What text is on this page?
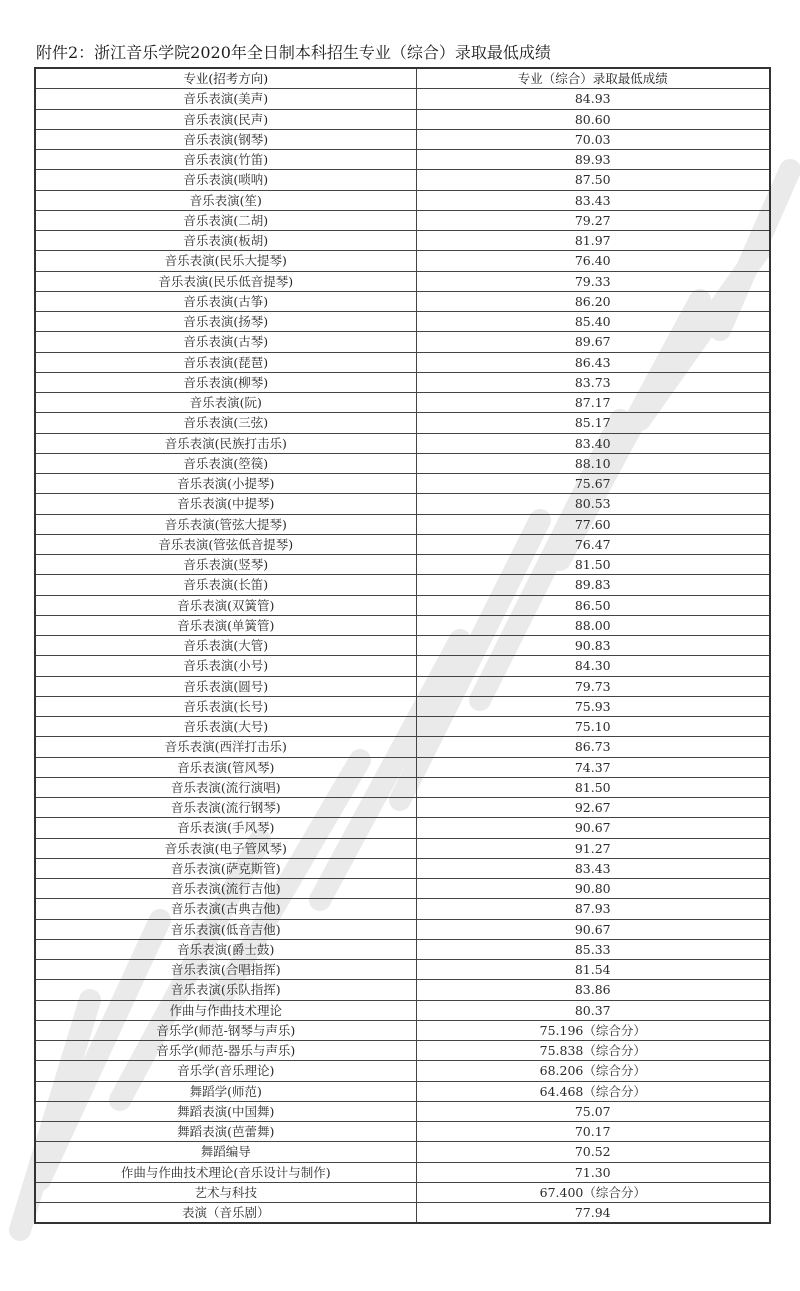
附件2：浙江音乐学院2020年全日制本科招生专业（综合）录取最低成绩
专业(招考方向)	专业（综合）录取最低成绩
音乐表演(美声)	84.93
音乐表演(民声)	80.60
音乐表演(钢琴)	70.03
音乐表演(竹笛)	89.93
音乐表演(唢呐)	87.50
音乐表演(笙)	83.43
音乐表演(二胡)	79.27
音乐表演(板胡)	81.97
音乐表演(民乐大提琴)	76.40
音乐表演(民乐低音提琴)	79.33
音乐表演(古筝)	86.20
音乐表演(扬琴)	85.40
音乐表演(古琴)	89.67
音乐表演(琵琶)	86.43
音乐表演(柳琴)	83.73
音乐表演(阮)	87.17
音乐表演(三弦)	85.17
音乐表演(民族打击乐)	83.40
音乐表演(箜篌)	88.10
音乐表演(小提琴)	75.67
音乐表演(中提琴)	80.53
音乐表演(管弦大提琴)	77.60
音乐表演(管弦低音提琴)	76.47
音乐表演(竖琴)	81.50
音乐表演(长笛)	89.83
音乐表演(双簧管)	86.50
音乐表演(单簧管)	88.00
音乐表演(大管)	90.83
音乐表演(小号)	84.30
音乐表演(圆号)	79.73
音乐表演(长号)	75.93
音乐表演(大号)	75.10
音乐表演(西洋打击乐)	86.73
音乐表演(管风琴)	74.37
音乐表演(流行演唱)	81.50
音乐表演(流行钢琴)	92.67
音乐表演(手风琴)	90.67
音乐表演(电子管风琴)	91.27
音乐表演(萨克斯管)	83.43
音乐表演(流行吉他)	90.80
音乐表演(古典吉他)	87.93
音乐表演(低音吉他)	90.67
音乐表演(爵士鼓)	85.33
音乐表演(合唱指挥)	81.54
音乐表演(乐队指挥)	83.86
作曲与作曲技术理论	80.37
音乐学(师范-钢琴与声乐)	75.196（综合分）
音乐学(师范-器乐与声乐)	75.838（综合分）
音乐学(音乐理论)	68.206（综合分）
舞蹈学(师范)	64.468（综合分）
舞蹈表演(中国舞)	75.07
舞蹈表演(芭蕾舞)	70.17
舞蹈编导	70.52
作曲与作曲技术理论(音乐设计与制作)	71.30
艺术与科技	67.400（综合分）
表演（音乐剧）	77.94
